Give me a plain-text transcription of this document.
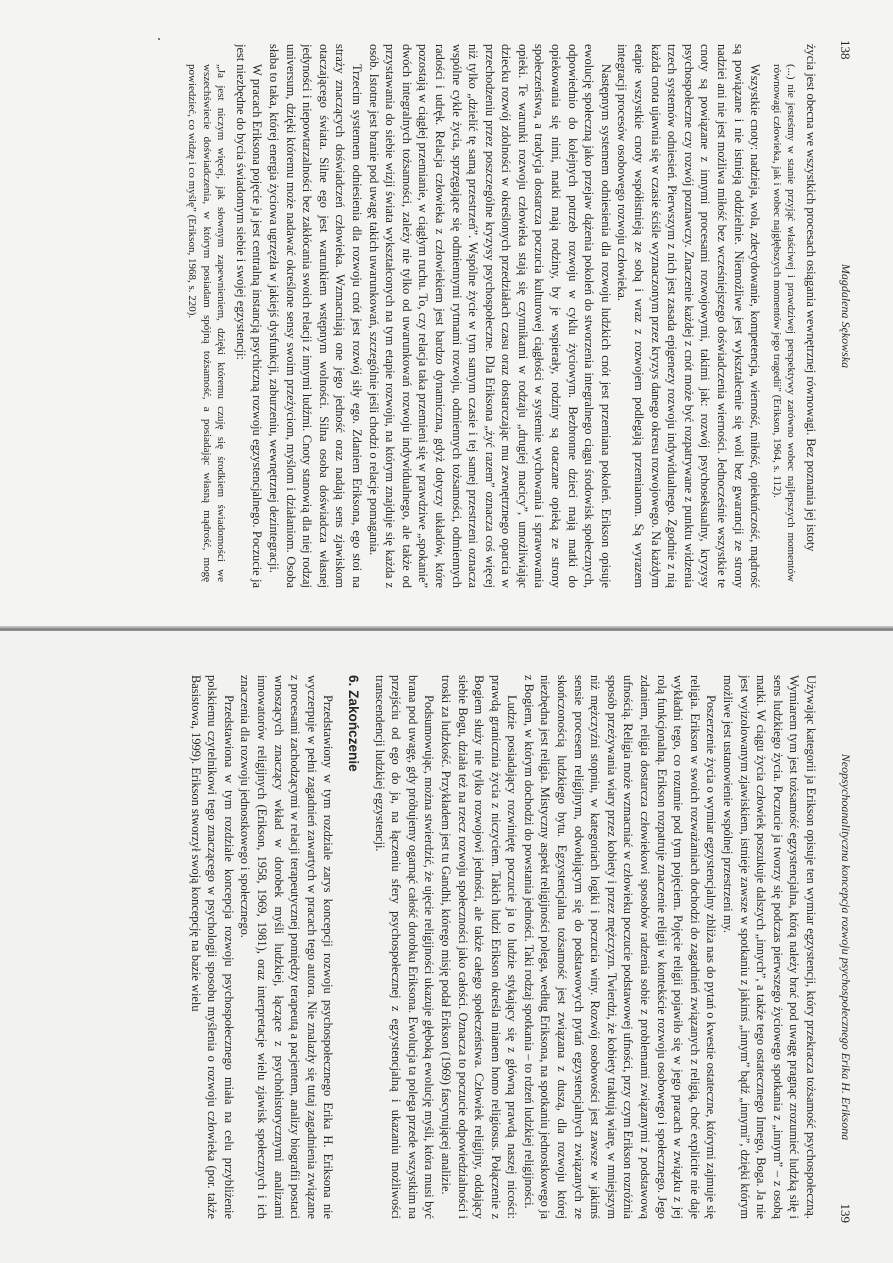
138
Magdalena Sękowska

życia jest obecna we wszystkich procesach osiągania wewnętrznej równowagi. Bez poznania jej istoty

(...) nie jesteśmy w stanie przyjąć właściwej i prawdziwej perspektywy zarówno wobec najlepszych momentów równowagi człowieka, jak i wobec najgłębszych momentów jego tragedii" (Erikson, 1964, s. 112).

Wszystkie cnoty: nadzieja, wola, zdecydowanie, kompetencja, wierność, miłość, opiekuńczość, mądrość są powiązane i nie istnieją oddzielnie. Niemożliwe jest wykształcenie się woli bez gwarancji ze strony nadziei ani nie jest możliwa miłość bez wcześniejszego doświadczenia wierności. Jednocześnie wszystkie te cnoty są powiązane z innymi procesami rozwojowymi, takimi jak: rozwój psychoseksualny, kryzysy psychospołeczne czy rozwój poznawczy. Znaczenie każdej z cnót może być rozpatrywane z punktu widzenia trzech systemów odniesień. Pierwszym z nich jest zasada epigenezy rozwoju indywidualnego. Zgodnie z nią każda cnota ujawnia się w czasie ściśle wyznaczonym przez kryzys danego okresu rozwojowego. Na każdym etapie wszystkie cnoty współistnieją ze sobą i wraz z rozwojem podlegają przemianom. Są wyrazem integracji procesów osobowego rozwoju człowieka.

Następnym systemem odniesienia dla rozwoju ludzkich cnót jest przemiana pokoleń. Erikson opisuje ewolucję społeczną jako przejaw dążenia pokoleń do stworzenia integralnego ciągu środowisk społecznych, odpowiednio do kolejnych potrzeb rozwoju w cyklu życiowym. Bezbronne dzieci mają matki do opiekowania się nimi, matki mają rodziny, by je wspierały, rodziny są otaczane opieką ze strony społeczeństwa, a tradycja dostarcza poczucia kulturowej ciągłości w systemie wychowania i sprawowania opieki. Te warunki rozwoju człowieka stają się czynnikami w rodzaju „drugiej macicy”, umożliwiając dziecku rozwój zdolności w określonych przedziałach czasu oraz dostarczając mu zewnętrznego oparcia w przechodzeniu przez poszczególne kryzysy psychospołeczne. Dla Eriksona „żyć razem” oznacza coś więcej niż tylko „dzielić tę samą przestrzeń”. Wspólne życie w tym samym czasie i tej samej przestrzeni oznacza wspólne cykle życia, sprzęgające się odmiennymi rytmami rozwoju, odmiennych tożsamości, odmiennych radości i udręk. Relacja człowieka z człowiekiem jest bardzo dynamiczna, gdyż dotyczy układów, które pozostają w ciągłej przemianie, w ciągłym ruchu. To, czy relacja taka przemieni się w prawdziwe „spokanie” dwóch integralnych tożsamości, zależy nie tylko od uwarunkowań rozwoju indywidualnego, ale także od przystawania do siebie wizji świata wykształconych na tym etapie rozwoju, na którym znajduje się każda z osób. Istotne jest branie pod uwagę takich uwarunkowań, szczególnie jeśli chodzi o relacje pomagania.

Trzecim systemem odniesienia dla rozwoju cnót jest rozwój siły ego. Zdaniem Eriksona, ego stoi na straży znaczących doświadczeń człowieka. Wzmacniają one jego jedność oraz nadają sens zjawiskom otaczającego świata. Silne ego jest warunkiem wstępnym wolności. Silna osoba doświadcza własnej jedyności i niepowtarzalności bez zakłócania swoich relacji z innymi ludźmi. Cnoty stanowią dla niej rodzaj universum, dzięki któremu może nadawać określone sensy swoim przeżyciom, myślom i działaniom. Osoba słaba to taka, której energia życiowa ugrzęzła w jakiejś dysfunkcji, zaburzeniu, wewnętrznej dezintegracji.

W pracach Eriksona pojęcie ja jest centralną instancją psychiczną rozwoju egzystencjalnego. Poczucie ja jest niezbędne do bycia świadomym siebie i swojej egzystencji:

„Ja jest niczym więcej, jak słownym zapewnieniem, dzięki któremu czuję się środkiem świadomości we wszechświecie doświadczenia, w którym posiadam spójną tożsamość, a posiadając własną mądrość, mogę powiedzieć, co widzę i co myślę” (Erikson, 1968, s. 220).

Neopsychoanalityczna koncepcja rozwoju psychospołecznego Erika H. Eriksona
139

Używając kategorii ja Erikson opisuje ten wymiar egzystencji, który przekracza tożsamość psychospołeczną. Wymiarem tym jest tożsamość egzystencjalna, którą należy brać pod uwagę pragnąc zrozumieć ludzką siłę i sens ludzkiego życia. Poczucie ja tworzy się podczas pierwszego życiowego spotkania z „innym” – z osobą matki. W ciągu życia człowiek poszukuje dalszych „innych”, a także tego ostatecznego Innego, Boga. Ja nie jest wyizolowanym zjawiskiem, istnieje zawsze w spotkaniu z jakimś „innym” bądź „innymi”, dzięki którym możliwe jest ustanowienie wspólnej przestrzeni my.

Poszerzenie życia o wymiar egzystencjalny zbliża nas do pytań o kwestie ostateczne, którymi zajmuje się religia. Erikson w swoich rozważaniach dochodzi do zagadnień związanych z religią, choć explicite nie daje wykładni tego, co rozumie pod tym pojęciem. Pojęcie religii pojawiło się w jego pracach w związku z jej rolą funkcjonalną. Erikson rozpatruje znaczenie religii w kontekście rozwoju osobowego i społecznego. Jego zdaniem, religia dostarcza człowiekowi sposobów radzenia sobie z problemami związanymi z podstawową ufnością. Religia może wzmacniać w człowieku poczucie podstawowej ufności, przy czym Erikson rozróżnia sposób przeżywania wiary przez kobiety i przez mężczyzn. Twierdzi, że kobiety traktują wiarę, w mniejszym niż mężczyźni stopniu, w kategoriach logiki i poczucia winy. Rozwój osobowości jest zawsze w jakimś sensie procesem religijnym, odwołującym się do podstawowych pytań egzystencjalnych związanych ze skończonością ludzkiego bytu. Egzystencjalna tożsamość jest związana z duszą, dla rozwoju której niezbędna jest religia. Mistyczny aspekt religijności polega, według Eriksona, na spotkaniu jednostkowego ja z Bogiem, w którym dochodzi do powstania jedności. Taki rodzaj spotkania – to rdzeń ludzkiej religijności.

Ludzie posiadający rozwiniętę poczucie ja to ludzie stykający się z główną prawdą naszej nicości: prawdą granicznia życia z niczyciem. Takich ludzi Erikson określa mianem homo religiosus. Połączenie z Bogiem służy nie tylko rozwojowi jedności, ale także całego społeczeństwa. Człowiek religijny, oddający siebie Bogu, działa też na rzecz rozwoju społeczności jako całości. Oznacza to poczucie odpowiedzialności i troski za ludzkość. Przykładem jest tu Gandhi, którego misję podał Erikson (1969) fascynującej analizie.

Podsumowując, można stwierdzić, że ujęcie religijności ukazuje głęboką ewolucję myśli, która musi być brana pod uwagę, gdy próbujemy ogarnąć całość dorobku Eriksona. Ewolucja ta polega przede wszystkim na przejściu od ego do ja, na łączeniu sfery psychospołecznej z egzystencjalną i ukazaniu możliwości transcendencji ludzkiej egzystencji.

6. Zakończenie

Przedstawiony w tym rozdziale zarys koncepcji rozwoju psychospołecznego Erika H. Eriksona nie wyczerpuje w pełni zagadnień zawartych w pracach tego autora. Nie znalazły się tutaj zagadnienia związane z procesami zachodzącymi w relacji terapeutycznej pomiędzy terapeutą a pacjentem, analizy biografii postaci wnoszących znaczący wkład w dorobek myśli ludzkiej, łączące z psychohistorycznymi analizami innowatorów religijnych (Erikson, 1958, 1969, 1981), oraz interpretacje wielu zjawisk społecznych i ich znaczenia dla rozwoju jednostkowego i społecznego.

Przedstawiona w tym rozdziale koncepcja rozwoju psychospołecznego miała na celu przybliżenie polskiemu czytelnikowi tego znaczącego w psychologii sposobu myślenia o rozwoju człowieka (por. także Basistowa, 1999). Erikson stworzył swoją koncepcję na bazie wielu
